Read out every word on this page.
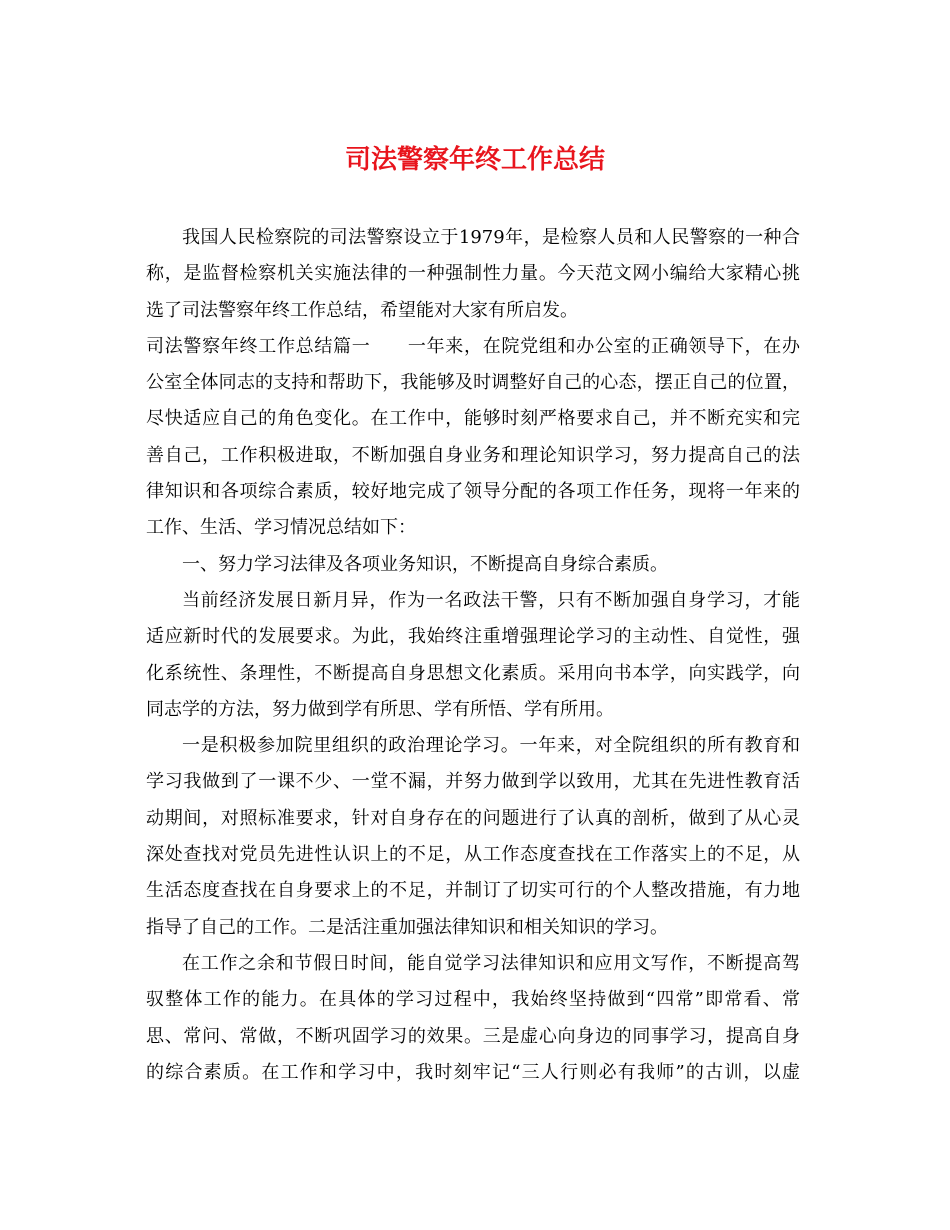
司法警察年终工作总结
我国人民检察院的司法警察设立于1979年，是检察人员和人民警察的一种合
称，是监督检察机关实施法律的一种强制性力量。今天范文网小编给大家精心挑
选了司法警察年终工作总结，希望能对大家有所启发。
司法警察年终工作总结篇一　　一年来，在院党组和办公室的正确领导下，在办
公室全体同志的支持和帮助下，我能够及时调整好自己的心态，摆正自己的位置，
尽快适应自己的角色变化。在工作中，能够时刻严格要求自己，并不断充实和完
善自己，工作积极进取，不断加强自身业务和理论知识学习，努力提高自己的法
律知识和各项综合素质，较好地完成了领导分配的各项工作任务，现将一年来的
工作、生活、学习情况总结如下：
一、努力学习法律及各项业务知识，不断提高自身综合素质。
当前经济发展日新月异，作为一名政法干警，只有不断加强自身学习，才能
适应新时代的发展要求。为此，我始终注重增强理论学习的主动性、自觉性，强
化系统性、条理性，不断提高自身思想文化素质。采用向书本学，向实践学，向
同志学的方法，努力做到学有所思、学有所悟、学有所用。
一是积极参加院里组织的政治理论学习。一年来，对全院组织的所有教育和
学习我做到了一课不少、一堂不漏，并努力做到学以致用，尤其在先进性教育活
动期间，对照标准要求，针对自身存在的问题进行了认真的剖析，做到了从心灵
深处查找对党员先进性认识上的不足，从工作态度查找在工作落实上的不足，从
生活态度查找在自身要求上的不足，并制订了切实可行的个人整改措施，有力地
指导了自己的工作。二是活注重加强法律知识和相关知识的学习。
在工作之余和节假日时间，能自觉学习法律知识和应用文写作，不断提高驾
驭整体工作的能力。在具体的学习过程中，我始终坚持做到“四常”即常看、常
思、常问、常做，不断巩固学习的效果。三是虚心向身边的同事学习，提高自身
的综合素质。在工作和学习中，我时刻牢记“三人行则必有我师”的古训，以虚
